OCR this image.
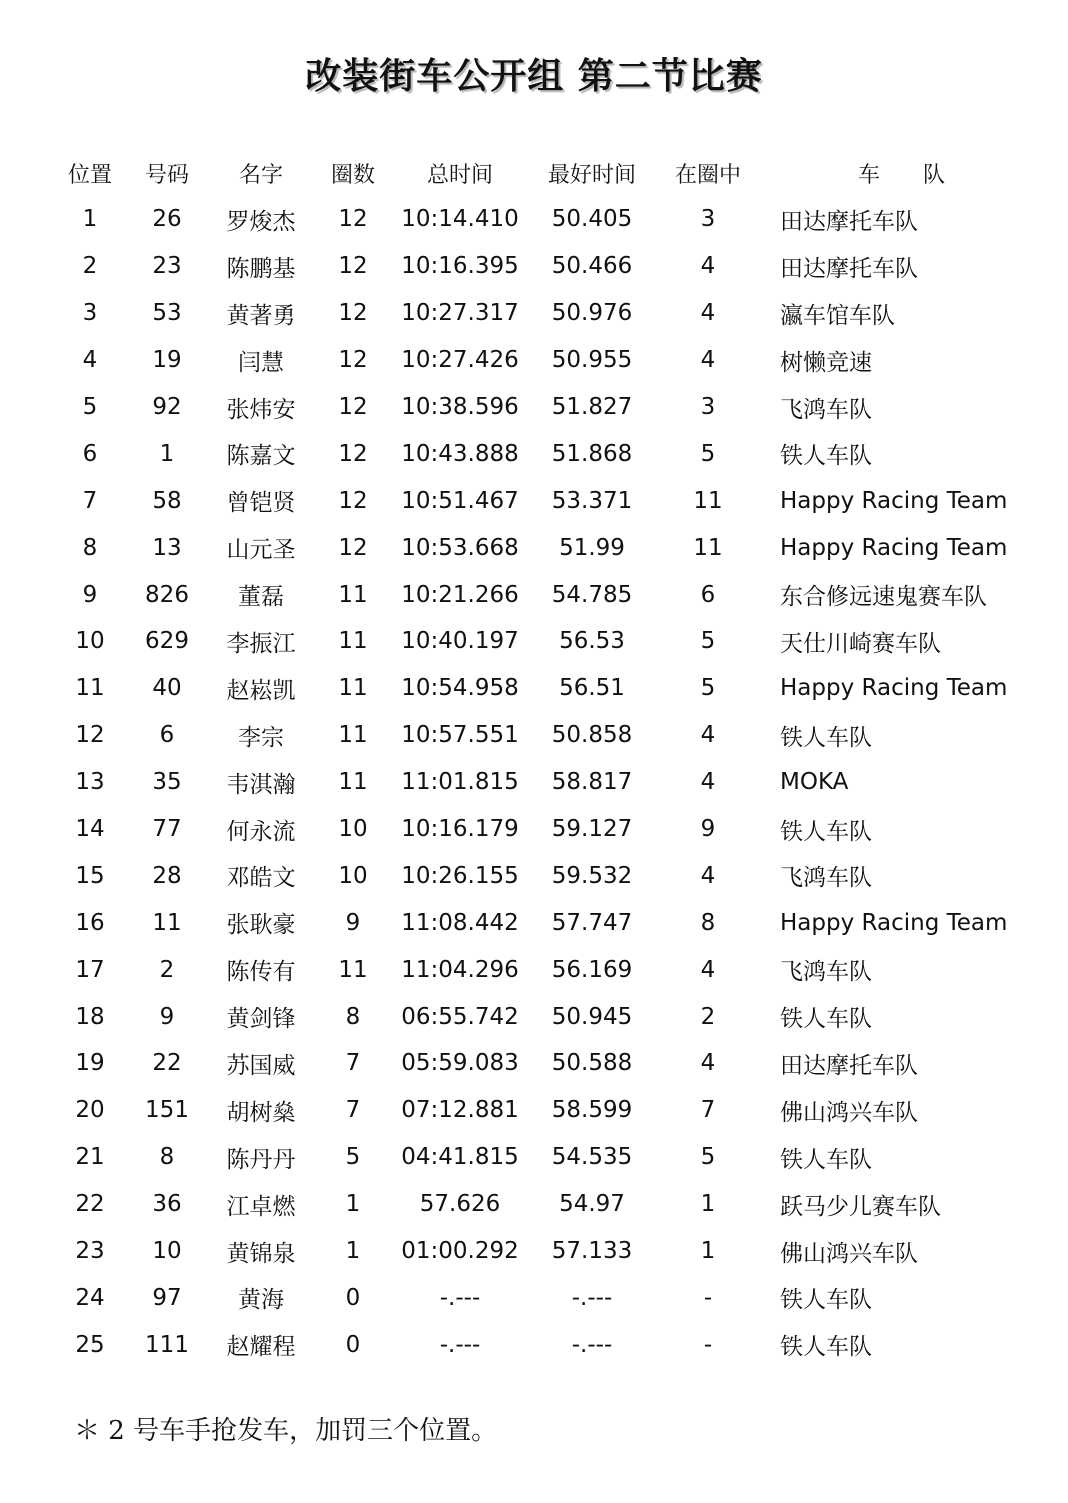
改装街车公开组 第二节比赛
位置	号码	名字	圈数	总时间	最好时间	在圈中	车 队
1	26	罗焌杰	12	10:14.410	50.405	3	田达摩托车队
2	23	陈鹏基	12	10:16.395	50.466	4	田达摩托车队
3	53	黄著勇	12	10:27.317	50.976	4	瀛车馆车队
4	19	闫慧	12	10:27.426	50.955	4	树懒竞速
5	92	张炜安	12	10:38.596	51.827	3	飞鸿车队
6	1	陈嘉文	12	10:43.888	51.868	5	铁人车队
7	58	曾铠贤	12	10:51.467	53.371	11	Happy Racing Team
8	13	山元圣	12	10:53.668	51.99	11	Happy Racing Team
9	826	董磊	11	10:21.266	54.785	6	东合修远速鬼赛车队
10	629	李振江	11	10:40.197	56.53	5	天仕川崎赛车队
11	40	赵崧凯	11	10:54.958	56.51	5	Happy Racing Team
12	6	李宗	11	10:57.551	50.858	4	铁人车队
13	35	韦淇瀚	11	11:01.815	58.817	4	MOKA
14	77	何永流	10	10:16.179	59.127	9	铁人车队
15	28	邓皓文	10	10:26.155	59.532	4	飞鸿车队
16	11	张耿豪	9	11:08.442	57.747	8	Happy Racing Team
17	2	陈传有	11	11:04.296	56.169	4	飞鸿车队
18	9	黄剑锋	8	06:55.742	50.945	2	铁人车队
19	22	苏国威	7	05:59.083	50.588	4	田达摩托车队
20	151	胡树燊	7	07:12.881	58.599	7	佛山鸿兴车队
21	8	陈丹丹	5	04:41.815	54.535	5	铁人车队
22	36	江卓燃	1	57.626	54.97	1	跃马少儿赛车队
23	10	黄锦泉	1	01:00.292	57.133	1	佛山鸿兴车队
24	97	黄海	0	-.---	-.---	-	铁人车队
25	111	赵耀程	0	-.---	-.---	-	铁人车队
＊ 2 号车手抢发车，加罚三个位置。
